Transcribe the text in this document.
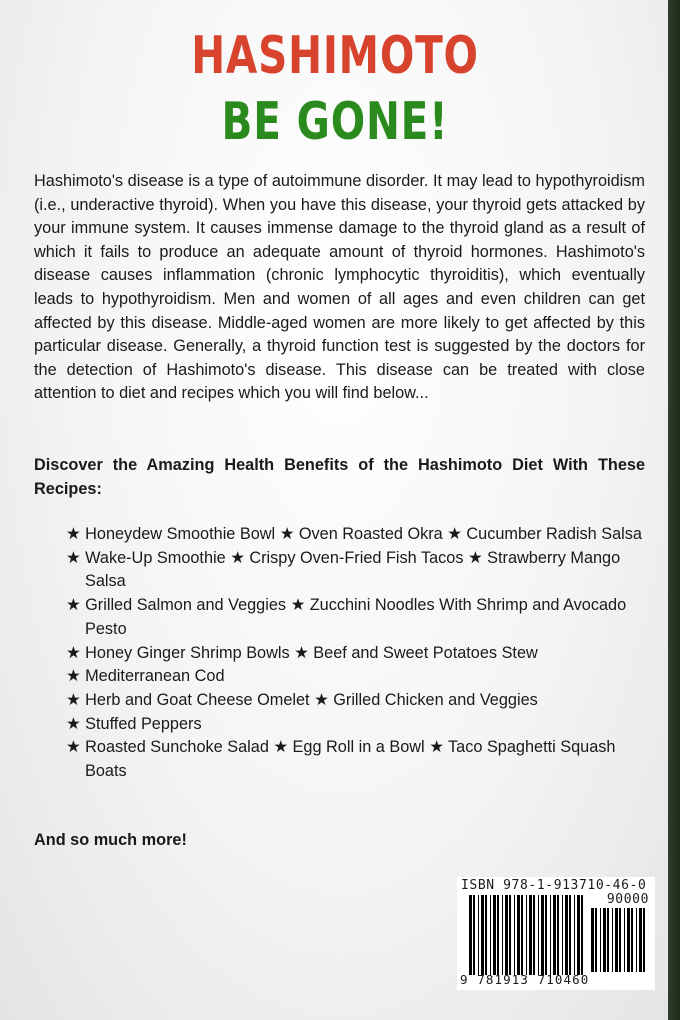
HASHIMOTO
BE GONE!

Hashimoto's disease is a type of autoimmune disorder. It may lead to hypothyroidism (i.e., underactive thyroid). When you have this disease, your thyroid gets attacked by your immune system. It causes immense damage to the thyroid gland as a result of which it fails to produce an adequate amount of thyroid hormones. Hashimoto's disease causes inflammation (chronic lymphocytic thyroiditis), which eventually leads to hypothyroidism. Men and women of all ages and even children can get affected by this disease. Middle-aged women are more likely to get affected by this particular disease. Generally, a thyroid function test is suggested by the doctors for the detection of Hashimoto's disease. This disease can be treated with close attention to diet and recipes which you will find below...

Discover the Amazing Health Benefits of the Hashimoto Diet With These Recipes:

★ Honeydew Smoothie Bowl ★ Oven Roasted Okra ★ Cucumber Radish Salsa
★ Wake-Up Smoothie ★ Crispy Oven-Fried Fish Tacos ★ Strawberry Mango Salsa
★ Grilled Salmon and Veggies ★ Zucchini Noodles With Shrimp and Avocado Pesto
★ Honey Ginger Shrimp Bowls ★ Beef and Sweet Potatoes Stew
★ Mediterranean Cod
★ Herb and Goat Cheese Omelet ★ Grilled Chicken and Veggies
★ Stuffed Peppers
★ Roasted Sunchoke Salad ★ Egg Roll in a Bowl ★ Taco Spaghetti Squash Boats

And so much more!

ISBN 978-1-913710-46-0

90000

9 781913 710460
